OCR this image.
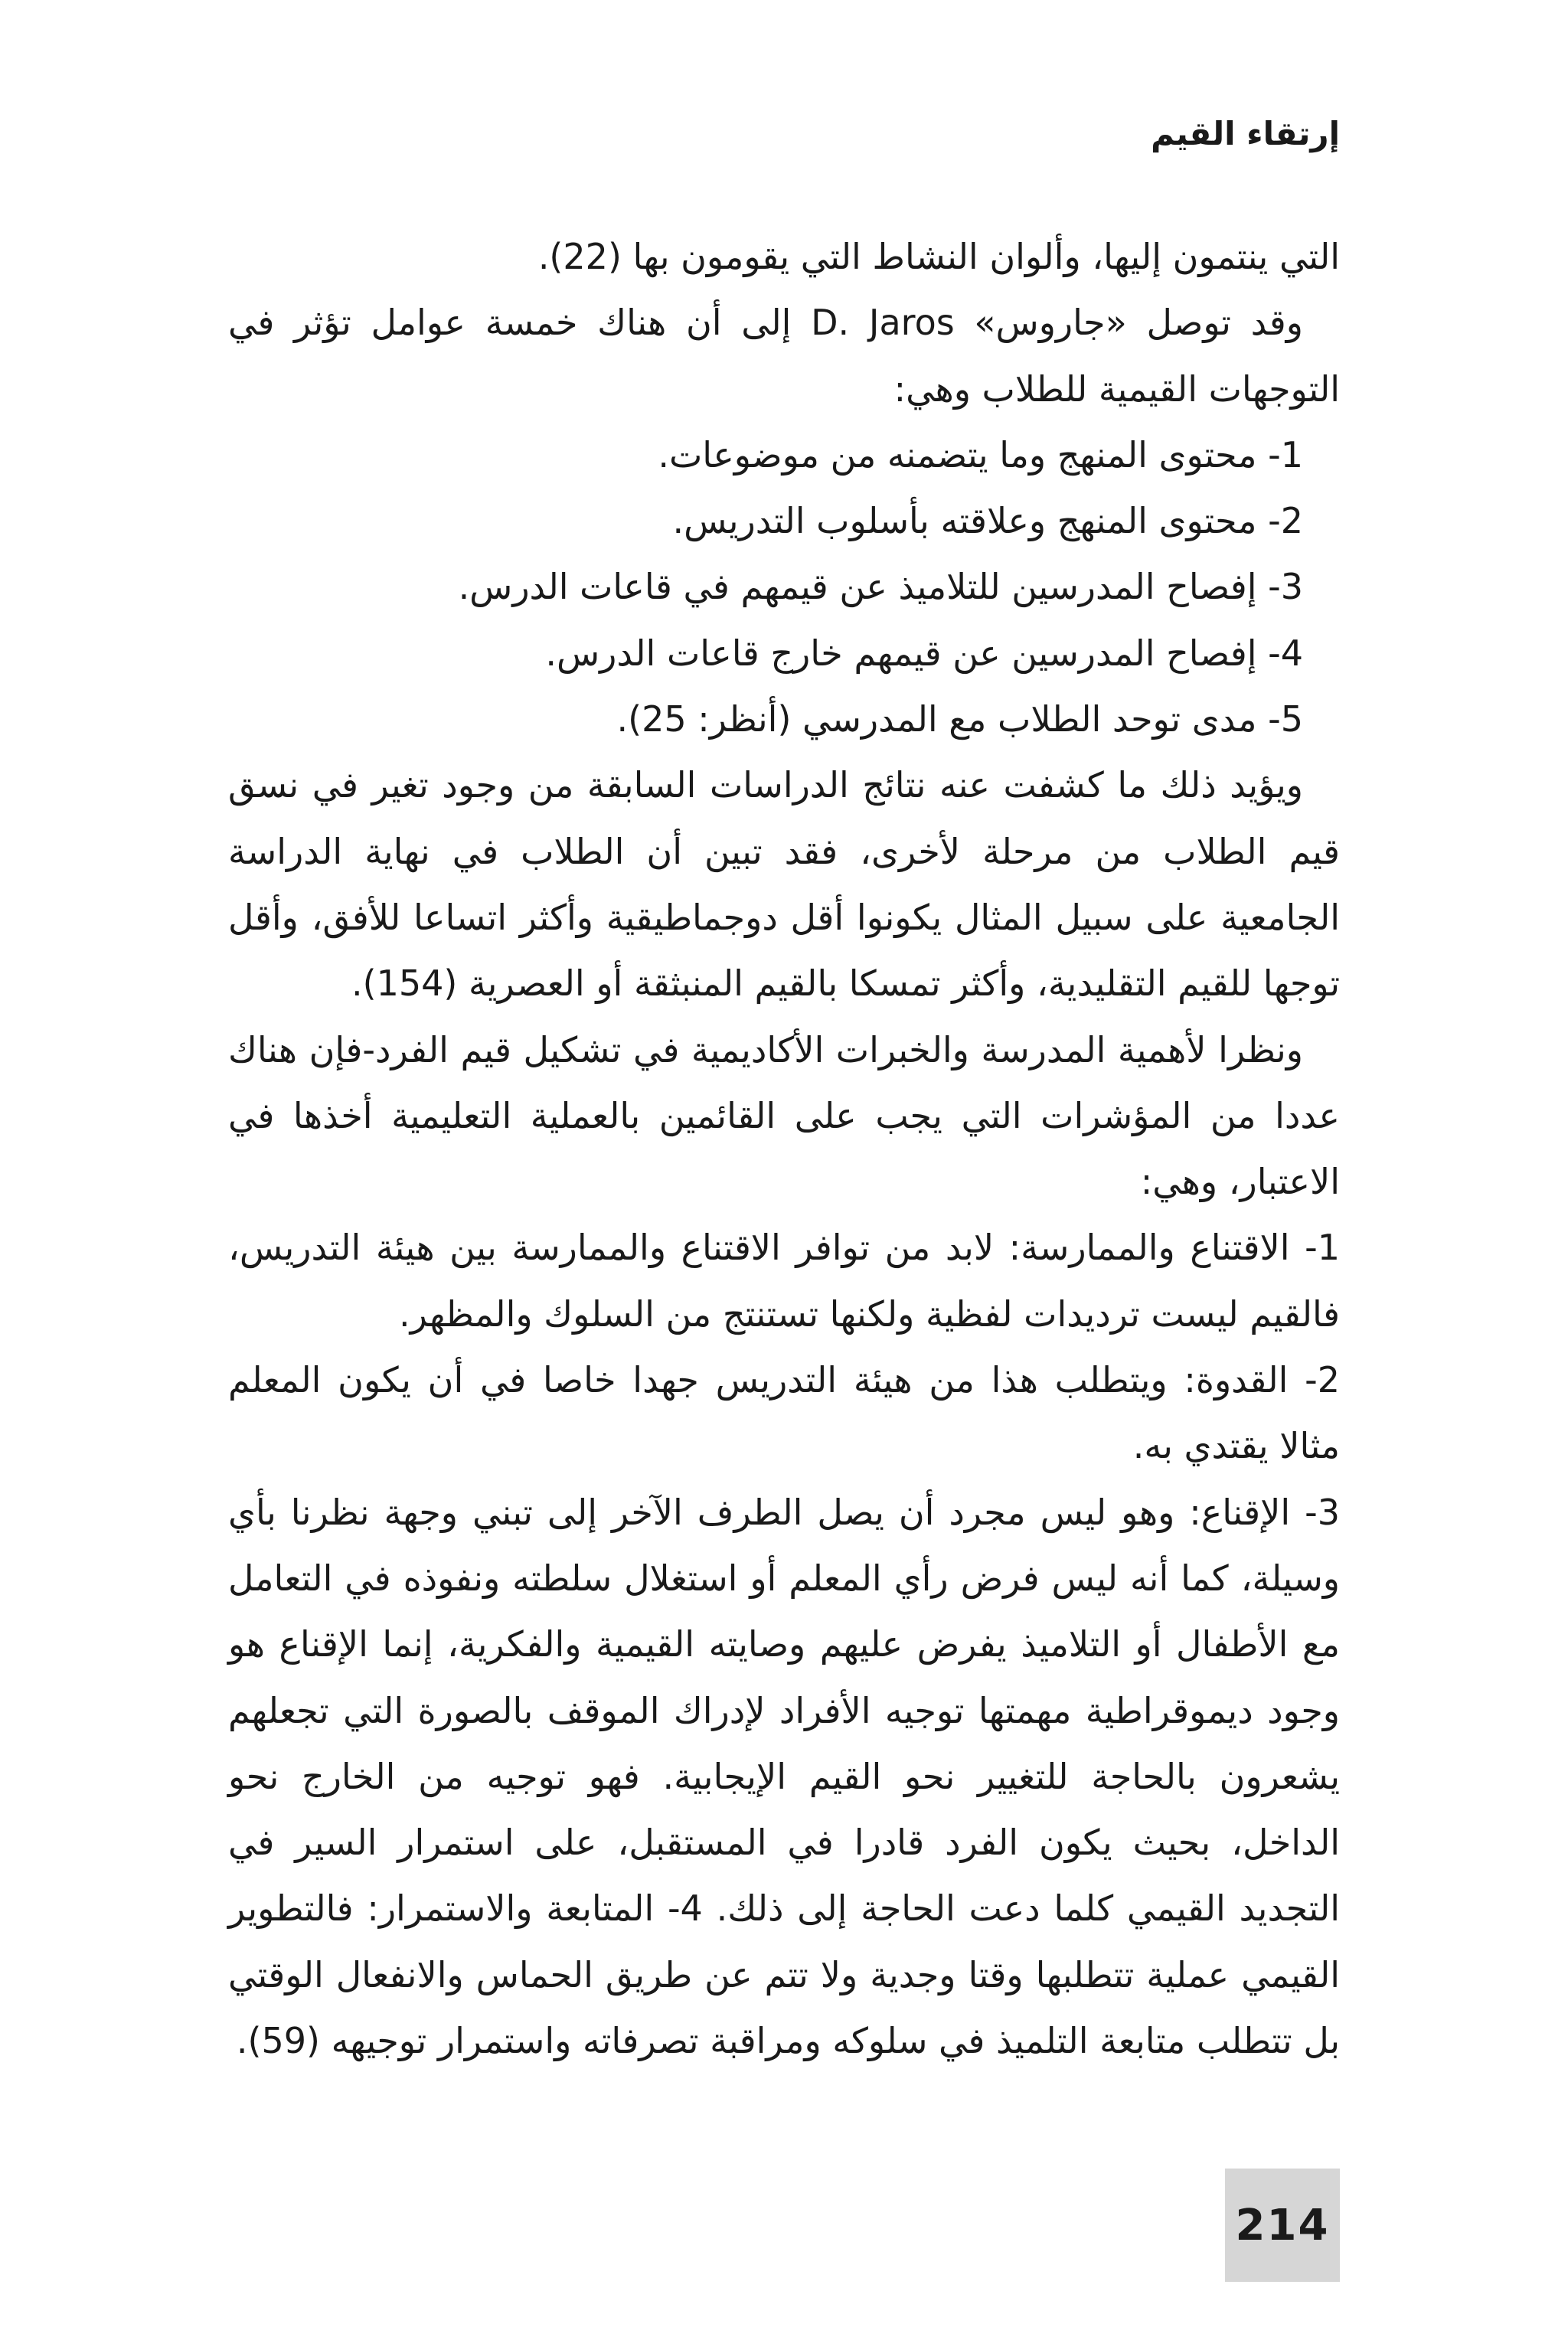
إرتقاء القيم

التي ينتمون إليها، وألوان النشاط التي يقومون بها (22).

وقد توصل «جاروس» D. Jaros إلى أن هناك خمسة عوامل تؤثر في التوجهات القيمية للطلاب وهي:

1- محتوى المنهج وما يتضمنه من موضوعات.

2- محتوى المنهج وعلاقته بأسلوب التدريس.

3- إفصاح المدرسين للتلاميذ عن قيمهم في قاعات الدرس.

4- إفصاح المدرسين عن قيمهم خارج قاعات الدرس.

5- مدى توحد الطلاب مع المدرسي (أنظر: 25).

ويؤيد ذلك ما كشفت عنه نتائج الدراسات السابقة من وجود تغير في نسق قيم الطلاب من مرحلة لأخرى، فقد تبين أن الطلاب في نهاية الدراسة الجامعية على سبيل المثال يكونوا أقل دوجماطيقية وأكثر اتساعا للأفق، وأقل توجها للقيم التقليدية، وأكثر تمسكا بالقيم المنبثقة أو العصرية (154).

ونظرا لأهمية المدرسة والخبرات الأكاديمية في تشكيل قيم الفرد-فإن هناك عددا من المؤشرات التي يجب على القائمين بالعملية التعليمية أخذها في الاعتبار، وهي:

1- الاقتناع والممارسة: لابد من توافر الاقتناع والممارسة بين هيئة التدريس، فالقيم ليست ترديدات لفظية ولكنها تستنتج من السلوك والمظهر.

2- القدوة: ويتطلب هذا من هيئة التدريس جهدا خاصا في أن يكون المعلم مثالا يقتدي به.

3- الإقناع: وهو ليس مجرد أن يصل الطرف الآخر إلى تبني وجهة نظرنا بأي وسيلة، كما أنه ليس فرض رأي المعلم أو استغلال سلطته ونفوذه في التعامل مع الأطفال أو التلاميذ يفرض عليهم وصايته القيمية والفكرية، إنما الإقناع هو وجود ديموقراطية مهمتها توجيه الأفراد لإدراك الموقف بالصورة التي تجعلهم يشعرون بالحاجة للتغيير نحو القيم الإيجابية. فهو توجيه من الخارج نحو الداخل، بحيث يكون الفرد قادرا في المستقبل، على استمرار السير في التجديد القيمي كلما دعت الحاجة إلى ذلك. 4- المتابعة والاستمرار: فالتطوير القيمي عملية تتطلبها وقتا وجدية ولا تتم عن طريق الحماس والانفعال الوقتي بل تتطلب متابعة التلميذ في سلوكه ومراقبة تصرفاته واستمرار توجيهه (59).

214
